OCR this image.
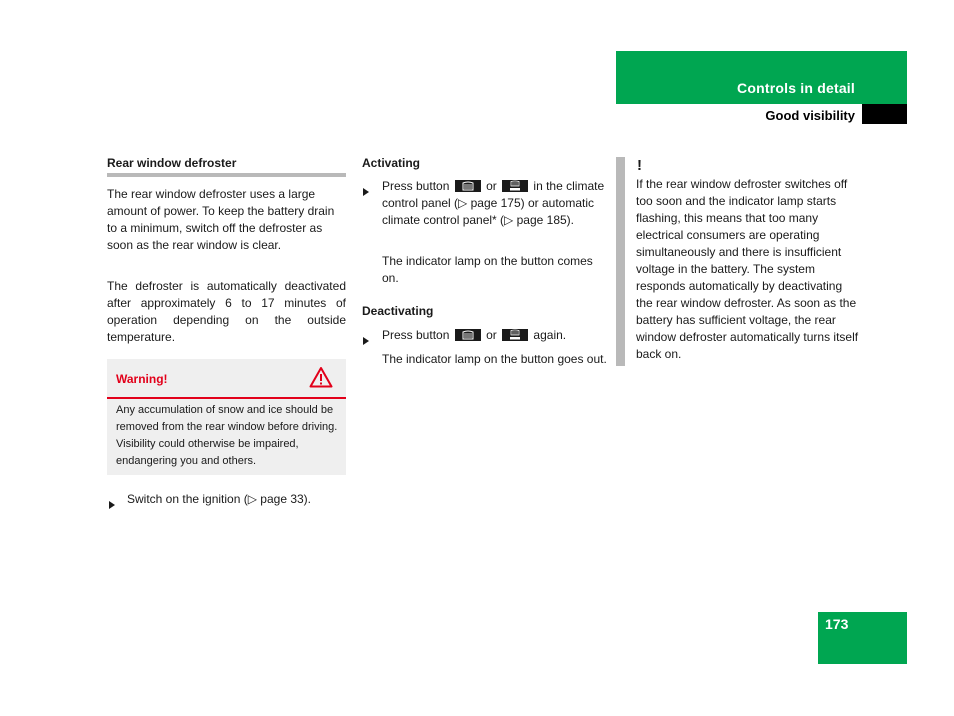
Controls in detail
Good visibility
Rear window defroster
The rear window defroster uses a large amount of power. To keep the battery drain to a minimum, switch off the defroster as soon as the rear window is clear.
The defroster is automatically deactivated after approximately 6 to 17 minutes of operation depending on the outside temperature.
Warning!
Any accumulation of snow and ice should be removed from the rear window before driving. Visibility could otherwise be impaired, endangering you and others.
Switch on the ignition (▷ page 33).
Activating
Press button	or	in the climate control panel (▷ page 175) or automatic climate control panel* (▷ page 185).
The indicator lamp on the button comes on.
Deactivating
Press button	or	again.
The indicator lamp on the button goes out.
!
If the rear window defroster switches off too soon and the indicator lamp starts flashing, this means that too many electrical consumers are operating simultaneously and there is insufficient voltage in the battery. The system responds automatically by deactivating the rear window defroster. As soon as the battery has sufficient voltage, the rear window defroster automatically turns itself back on.
173
